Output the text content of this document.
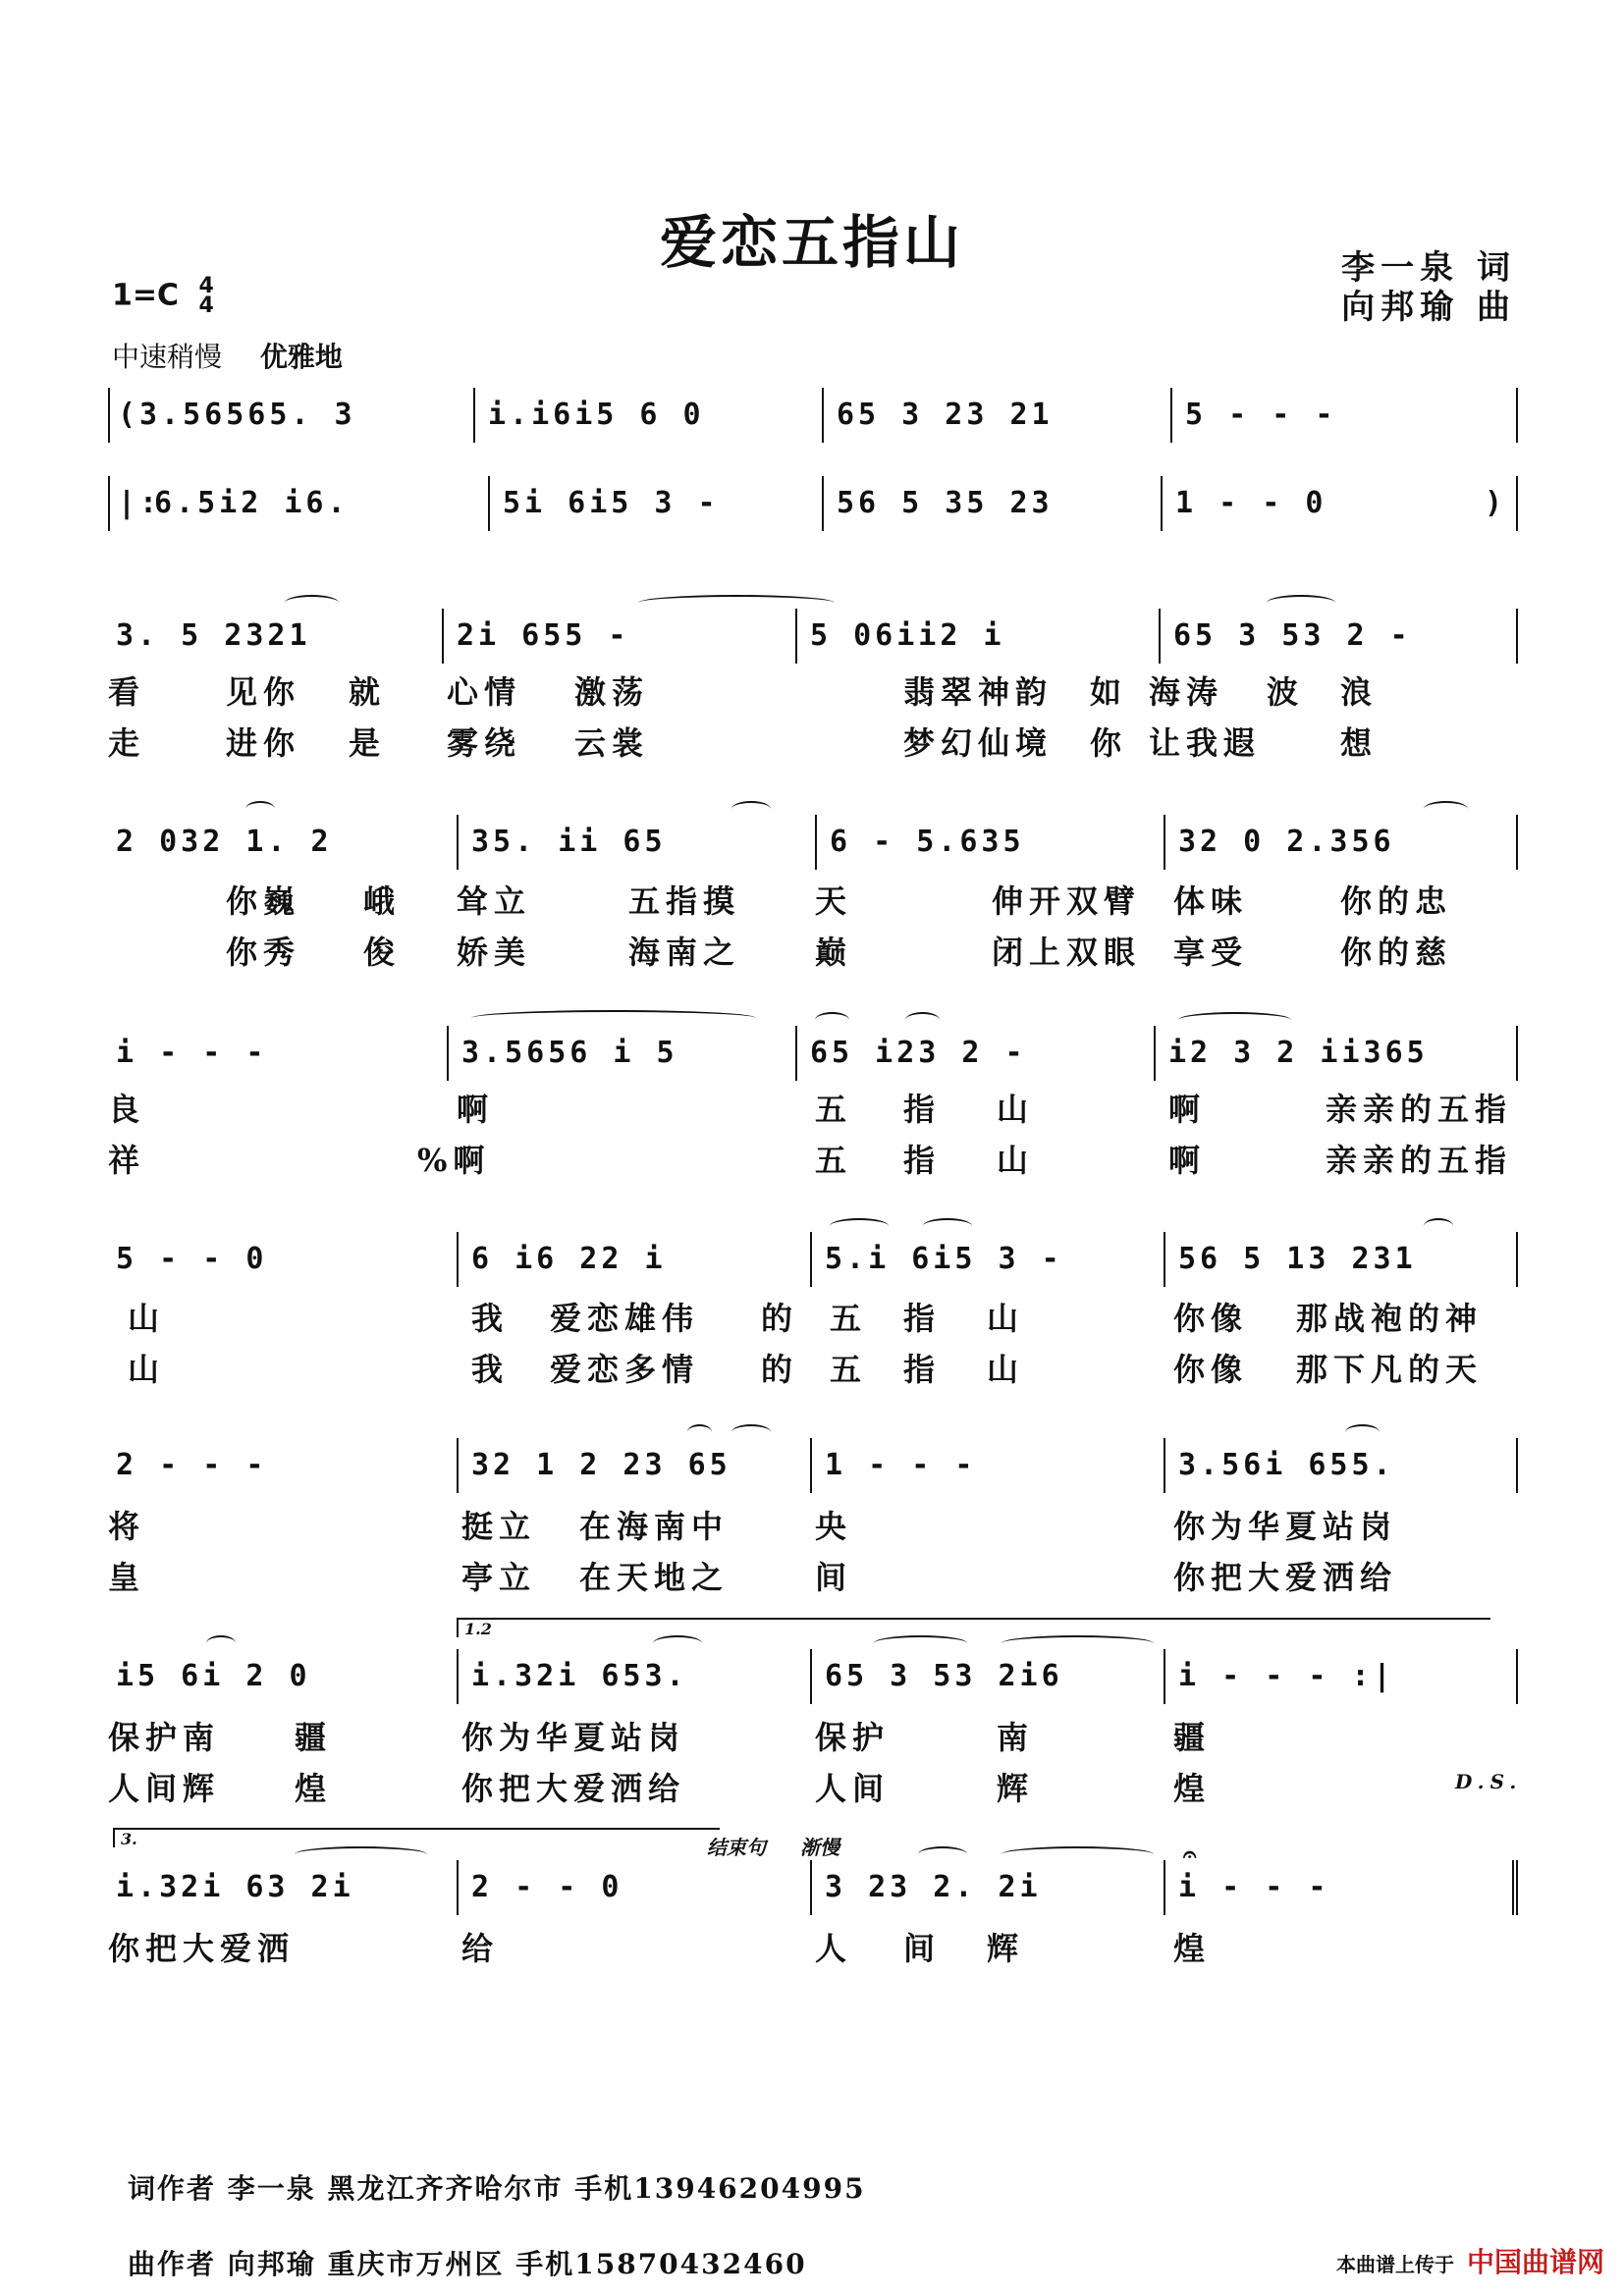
爱恋五指山	李一泉 词
向邦瑜 曲
1=C 4
4
中速稍慢 优雅地
( 3.56565. 3	i.i6i5 6 0	65 3 23 21	5 - - -
|:
6.5i2 i6.	5i 6i5 3 -	56 5 35 23	1 - - 0	)
3. 5 2321	2i 655 -	5 06ii2 i	65 3 53 2 -
看	见你 就 心情 激荡	翡翠神韵 如 海涛 波 浪
走	进你 是 雾绕 云裳	梦幻仙境 你 让我遐	想
2 032 1. 2	35. ii 65	6 - 5.635	32 0 2.356
你巍 峨 耸立	五指摸 天	伸开双臂 体味	你的忠
你秀 俊 娇美	海南之 巅	闭上双眼 享受	你的慈
i - - -	3.5656 i 5	65 i23 2 -	i2 3 2 ii365
良	啊	五 指 山	啊	亲亲的五指
祥	%啊	五 指 山	啊	亲亲的五指
5 - - 0	6 i6 22 i	5.i 6i5 3 -	56 5 13 231
山	我 爱恋雄伟 的 五 指 山	你像 那战袍的神
山	我 爱恋多情 的 五 指 山	你像 那下凡的天
2 - - -	32 1 2 23 65	1 - - -	3.56i 655.
将	挺立 在海南中	央	你为华夏站岗
皇	亭立 在天地之	间	你把大爱洒给
1.2
i5 6i 2 0	i.32i 653.	65 3 53 2i6	i - - - :|
保护南 疆	你为华夏站岗	保护	南	疆
人间辉 煌	你把大爱洒给	人间	辉	煌	D.S.
3.	结束句 渐慢	𝄐
i.32i 63 2i	2 - - 0	3 23 2. 2i	i - - -
你把大爱洒	给	人 间 辉	煌
词作者 李一泉 黑龙江齐齐哈尔市 手机13946204995
曲作者 向邦瑜 重庆市万州区 手机15870432460	本曲谱上传于 中国曲谱网
